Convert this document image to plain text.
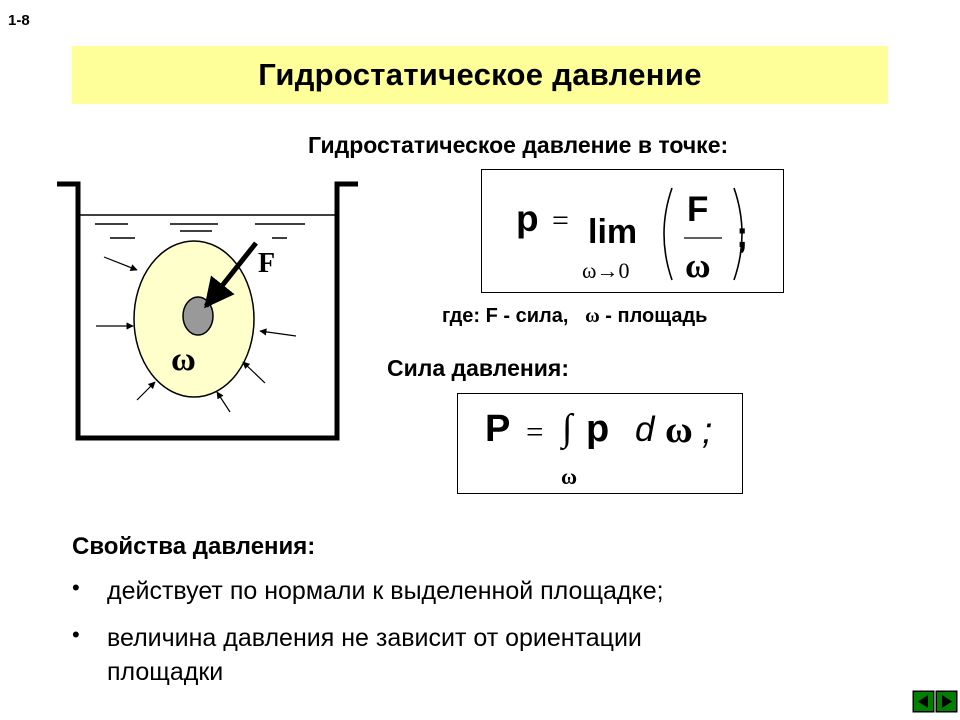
1-8
Гидростатическое давление
F
ω
Гидростатическое давление в точке:
p = lim
ω→0
F
ω
;
где: F - сила, ω - площадь
Сила давления:
P = ∫ p d ω ;
ω
Свойства давления:
• действует по нормали к выделенной площадке;
• величина давления не зависит от ориентации
площадки
